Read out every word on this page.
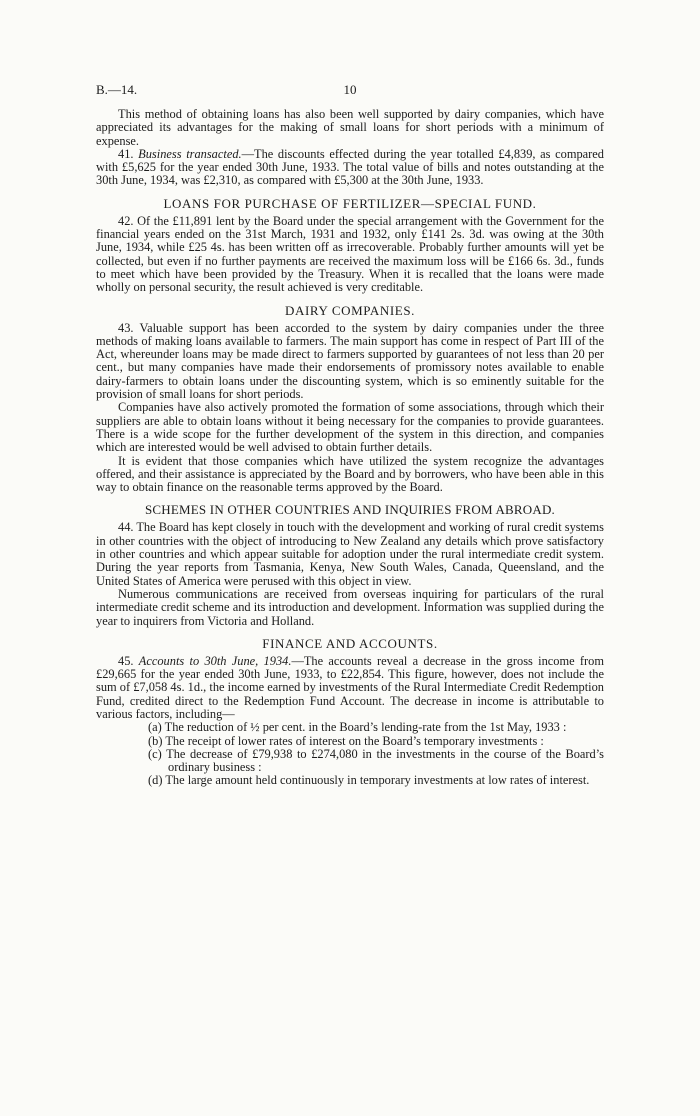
B.—14.	10

This method of obtaining loans has also been well supported by dairy companies, which have appreciated its advantages for the making of small loans for short periods with a minimum of expense.

41. Business transacted.—The discounts effected during the year totalled £4,839, as compared with £5,625 for the year ended 30th June, 1933. The total value of bills and notes outstanding at the 30th June, 1934, was £2,310, as compared with £5,300 at the 30th June, 1933.

LOANS FOR PURCHASE OF FERTILIZER—SPECIAL FUND.

42. Of the £11,891 lent by the Board under the special arrangement with the Government for the financial years ended on the 31st March, 1931 and 1932, only £141 2s. 3d. was owing at the 30th June, 1934, while £25 4s. has been written off as irrecoverable. Probably further amounts will yet be collected, but even if no further payments are received the maximum loss will be £166 6s. 3d., funds to meet which have been provided by the Treasury. When it is recalled that the loans were made wholly on personal security, the result achieved is very creditable.

DAIRY COMPANIES.

43. Valuable support has been accorded to the system by dairy companies under the three methods of making loans available to farmers. The main support has come in respect of Part III of the Act, whereunder loans may be made direct to farmers supported by guarantees of not less than 20 per cent., but many companies have made their endorsements of promissory notes available to enable dairy-farmers to obtain loans under the discounting system, which is so eminently suitable for the provision of small loans for short periods.

Companies have also actively promoted the formation of some associations, through which their suppliers are able to obtain loans without it being necessary for the companies to provide guarantees. There is a wide scope for the further development of the system in this direction, and companies which are interested would be well advised to obtain further details.

It is evident that those companies which have utilized the system recognize the advantages offered, and their assistance is appreciated by the Board and by borrowers, who have been able in this way to obtain finance on the reasonable terms approved by the Board.

SCHEMES IN OTHER COUNTRIES AND INQUIRIES FROM ABROAD.

44. The Board has kept closely in touch with the development and working of rural credit systems in other countries with the object of introducing to New Zealand any details which prove satisfactory in other countries and which appear suitable for adoption under the rural intermediate credit system. During the year reports from Tasmania, Kenya, New South Wales, Canada, Queensland, and the United States of America were perused with this object in view.

Numerous communications are received from overseas inquiring for particulars of the rural intermediate credit scheme and its introduction and development. Information was supplied during the year to inquirers from Victoria and Holland.

FINANCE AND ACCOUNTS.

45. Accounts to 30th June, 1934.—The accounts reveal a decrease in the gross income from £29,665 for the year ended 30th June, 1933, to £22,854. This figure, however, does not include the sum of £7,058 4s. 1d., the income earned by investments of the Rural Intermediate Credit Redemption Fund, credited direct to the Redemption Fund Account. The decrease in income is attributable to various factors, including—

(a) The reduction of ½ per cent. in the Board’s lending-rate from the 1st May, 1933 :
(b) The receipt of lower rates of interest on the Board’s temporary investments :
(c) The decrease of £79,938 to £274,080 in the investments in the course of the Board’s ordinary business :
(d) The large amount held continuously in temporary investments at low rates of interest.
